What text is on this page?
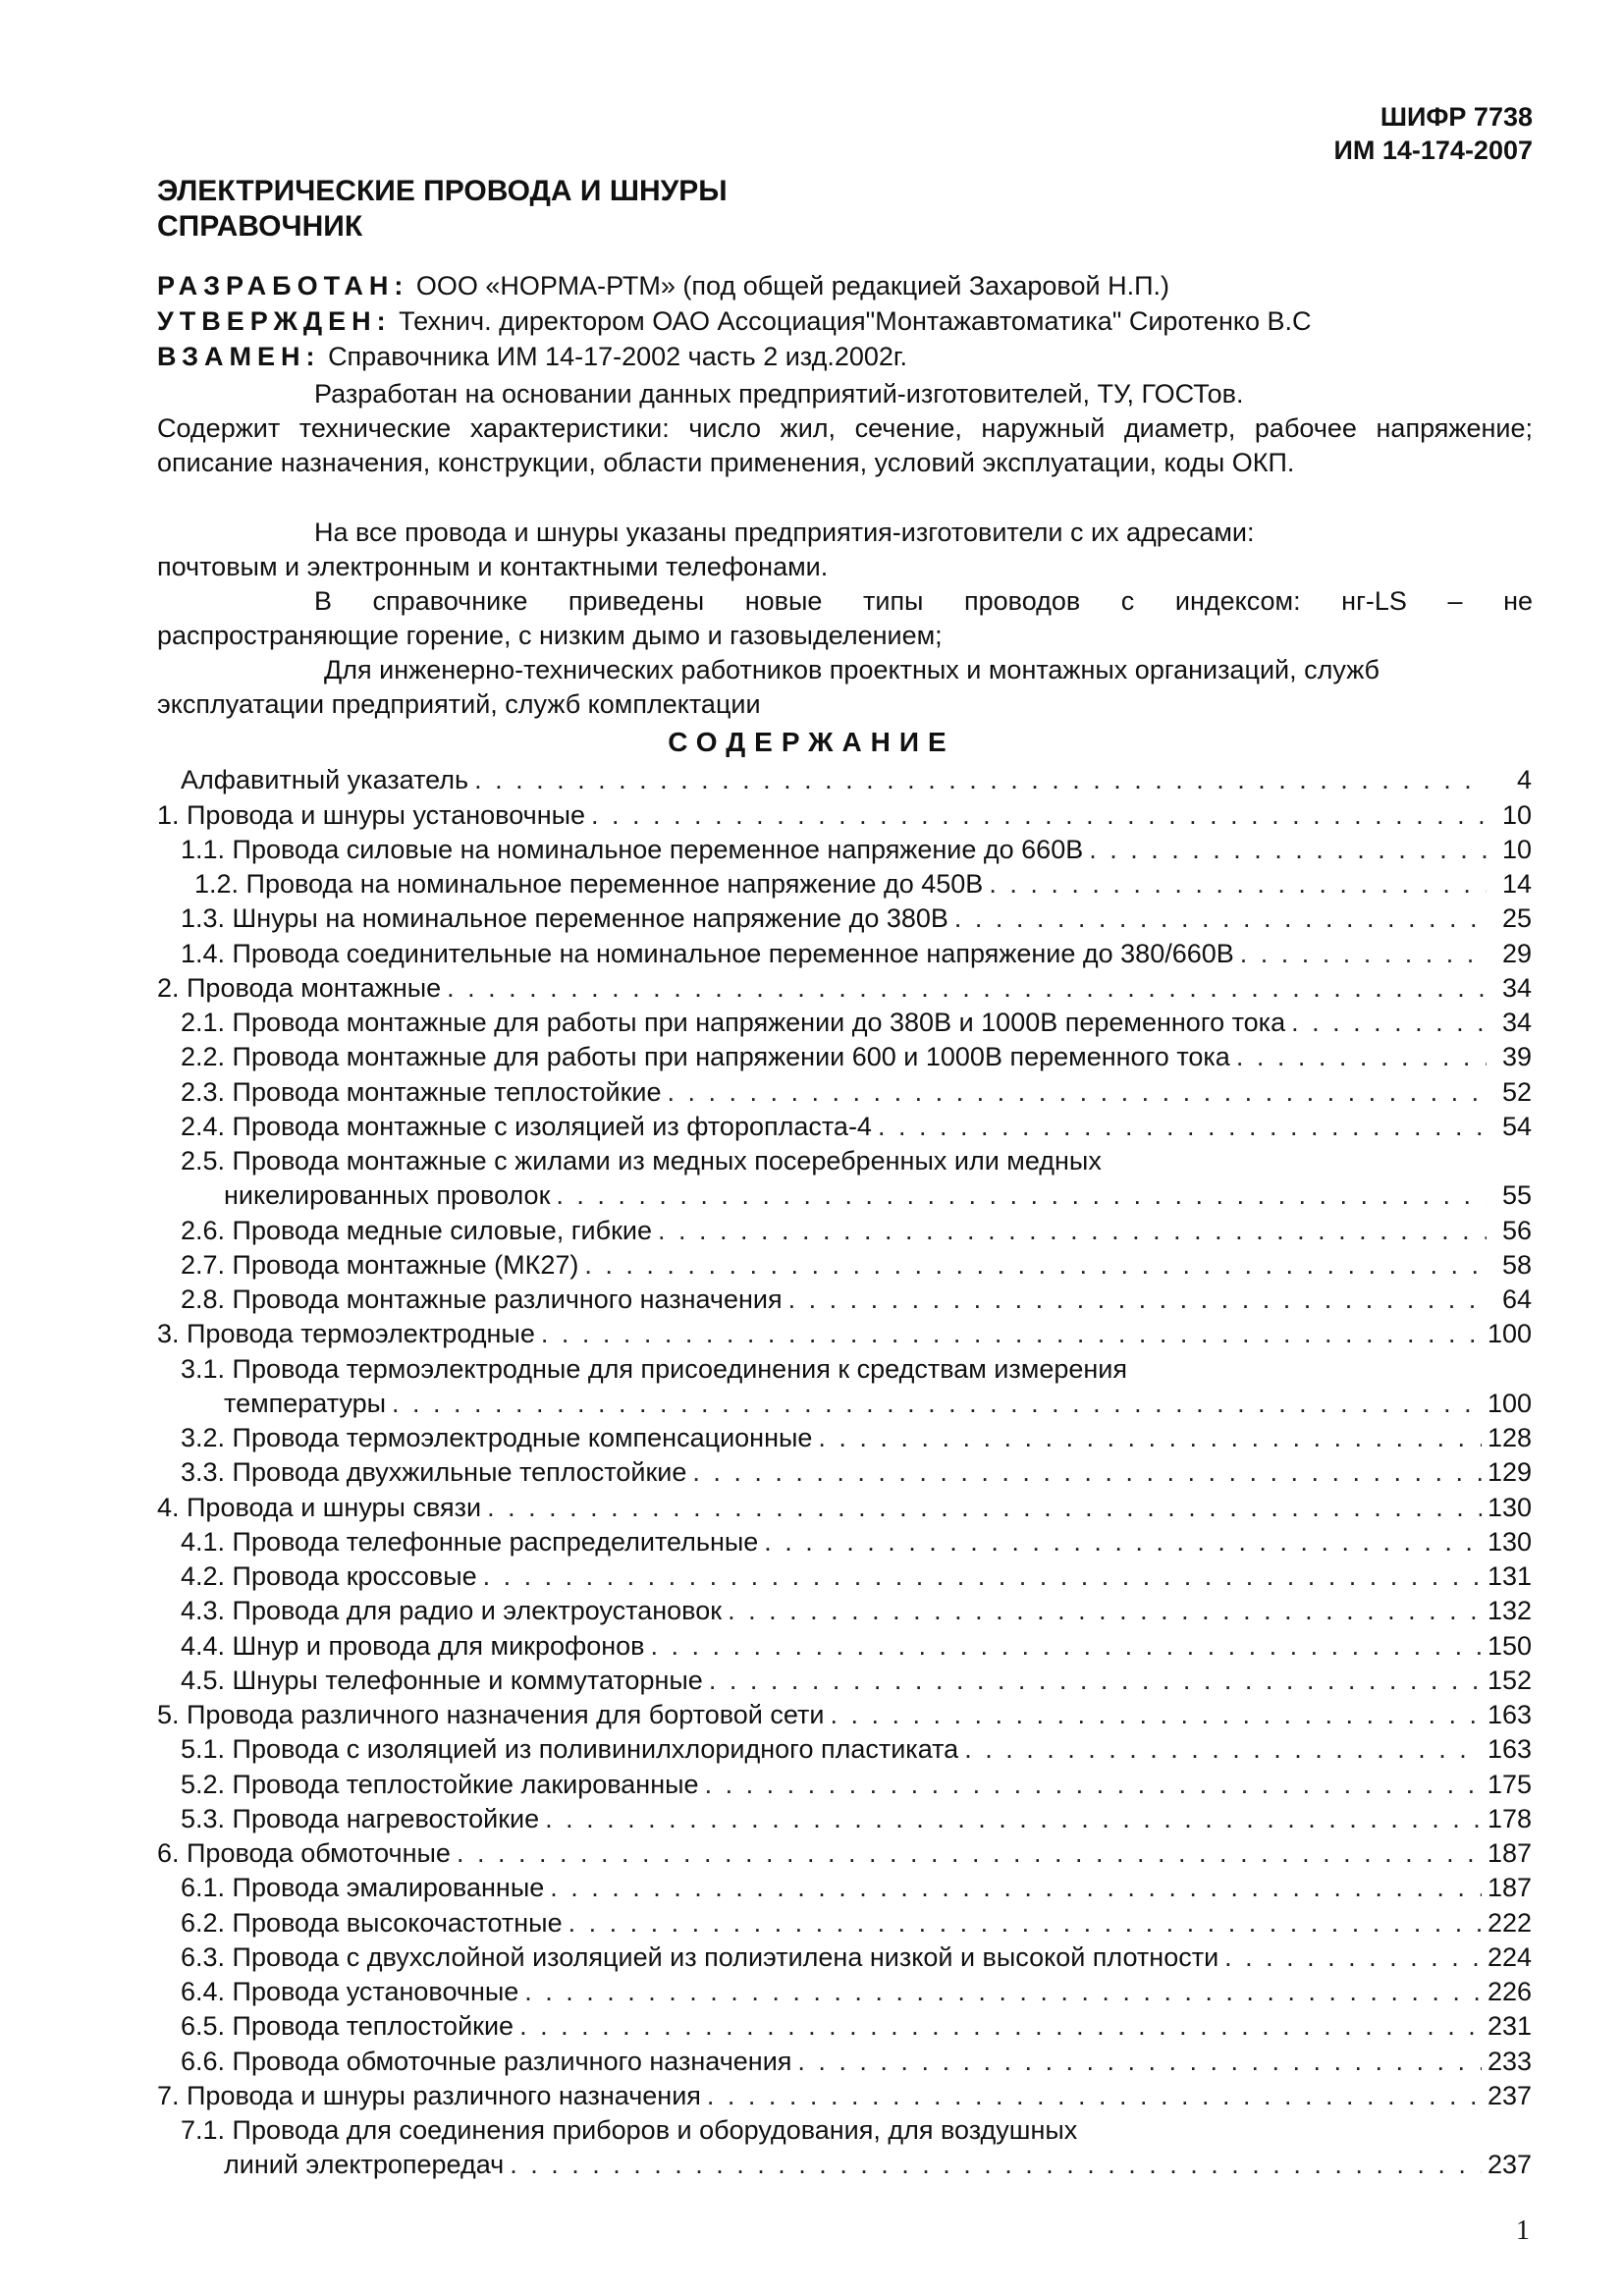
ШИФР 7738
ИМ 14-174-2007
ЭЛЕКТРИЧЕСКИЕ ПРОВОДА И ШНУРЫ
СПРАВОЧНИК
РАЗРАБОТАН: ООО «НОРМА-РТМ» (под общей редакцией Захаровой Н.П.)
УТВЕРЖДЕН: Технич. директором ОАО Ассоциация"Монтажавтоматика" Сиротенко В.С
ВЗАМЕН: Справочника ИМ 14-17-2002 часть 2 изд.2002г.
Разработан на основании данных предприятий-изготовителей, ТУ, ГОСТов.
Содержит технические характеристики: число жил, сечение, наружный диаметр, рабочее напряжение; описание назначения, конструкции, области применения, условий эксплуатации, коды ОКП.
На все провода и шнуры указаны предприятия-изготовители с их адресами:
почтовым и электронным и контактными телефонами.
В справочнике приведены новые типы проводов с индексом: нг-LS – не
распространяющие горение, с низким дымо и газовыделением;
Для инженерно-технических работников проектных и монтажных организаций, служб
эксплуатации предприятий, служб комплектации
СОДЕРЖАНИЕ
Алфавитный указатель . . .	4
1. Провода и шнуры установочные . . .	10
1.1. Провода силовые на номинальное переменное напряжение до 660В . . .	10
1.2. Провода на номинальное переменное напряжение до 450В . . .	14
1.3. Шнуры на номинальное переменное напряжение до 380В . . .	25
1.4. Провода соединительные на номинальное переменное напряжение до 380/660В . . .	29
2. Провода монтажные . . .	34
2.1. Провода монтажные для работы при напряжении до 380В и 1000В переменного тока . . .	34
2.2. Провода монтажные для работы при напряжении 600 и 1000В переменного тока . . .	39
2.3. Провода монтажные теплостойкие . . .	52
2.4. Провода монтажные с изоляцией из фторопласта-4 . . .	54
2.5. Провода монтажные с жилами из медных посеребренных или медных
никелированных проволок . . .	55
2.6. Провода медные силовые, гибкие . . .	56
2.7. Провода монтажные (МК27) . . .	58
2.8. Провода монтажные различного назначения . . .	64
3. Провода термоэлектродные . . .	100
3.1. Провода термоэлектродные для присоединения к средствам измерения
температуры . . .	100
3.2. Провода термоэлектродные компенсационные . . .	128
3.3. Провода двухжильные теплостойкие . . .	129
4. Провода и шнуры связи . . .	130
4.1. Провода телефонные распределительные . . .	130
4.2. Провода кроссовые . . .	131
4.3. Провода для радио и электроустановок . . .	132
4.4. Шнур и провода для микрофонов . . .	150
4.5. Шнуры телефонные и коммутаторные . . .	152
5. Провода различного назначения для бортовой сети . . .	163
5.1. Провода с изоляцией из поливинилхлоридного пластиката . . .	163
5.2. Провода теплостойкие лакированные . . .	175
5.3. Провода нагревостойкие . . .	178
6. Провода обмоточные . . .	187
6.1. Провода эмалированные . . .	187
6.2. Провода высокочастотные . . .	222
6.3. Провода с двухслойной изоляцией из полиэтилена низкой и высокой плотности . . .	224
6.4. Провода установочные . . .	226
6.5. Провода теплостойкие . . .	231
6.6. Провода обмоточные различного назначения . . .	233
7. Провода и шнуры различного назначения . . .	237
7.1. Провода для соединения приборов и оборудования, для воздушных
линий электропередач . . .	237
1
